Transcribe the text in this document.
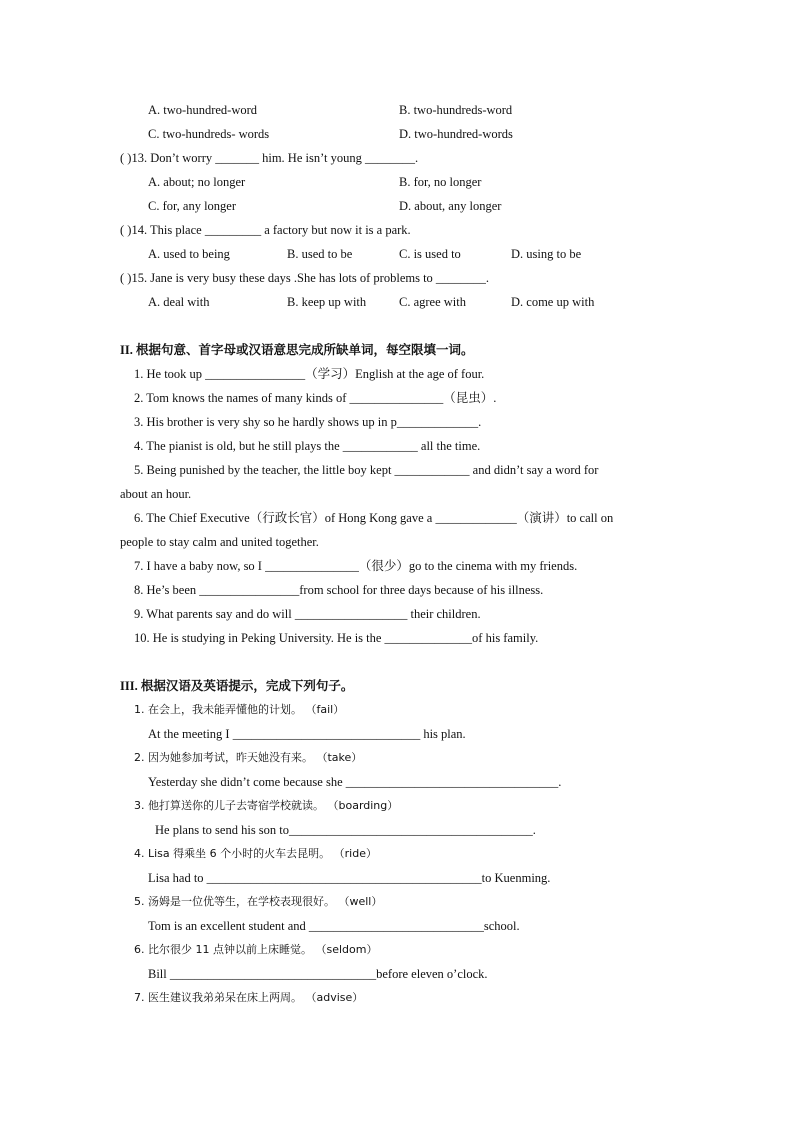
A. two-hundred-word	B. two-hundreds-word
C. two-hundreds- words	D. two-hundred-words
( )13. Don’t worry _______ him. He isn’t young ________.
A. about; no longer	B. for, no longer
C. for, any longer	D. about, any longer
( )14. This place _________ a factory but now it is a park.
A. used to being	B. used to be	C. is used to	D. using to be
( )15. Jane is very busy these days .She has lots of problems to ________.
A. deal with	B. keep up with	C. agree with	D. come up with
II. 根据句意、首字母或汉语意思完成所缺单词，每空限填一词。
1. He took up ________________（学习）English at the age of four.
2. Tom knows the names of many kinds of _______________（昆虫）.
3. His brother is very shy so he hardly shows up in p_____________.
4. The pianist is old, but he still plays the ____________ all the time.
5. Being punished by the teacher, the little boy kept ____________ and didn’t say a word for
about an hour.
6. The Chief Executive（行政长官）of Hong Kong gave a _____________（演讲）to call on
people to stay calm and united together.
7. I have a baby now, so I _______________（很少）go to the cinema with my friends.
8. He’s been ________________from school for three days because of his illness.
9. What parents say and do will __________________ their children.
10. He is studying in Peking University. He is the ______________of his family.
III. 根据汉语及英语提示，完成下列句子。
1. 在会上，我未能弄懂他的计划。 （fail）
At the meeting I ______________________________ his plan.
2. 因为她参加考试，昨天她没有来。 （take）
Yesterday she didn’t come because she __________________________________.
3. 他打算送你的儿子去寄宿学校就读。 （boarding）
He plans to send his son to_______________________________________.
4. Lisa 得乘坐 6 个小时的火车去昆明。 （ride）
Lisa had to ____________________________________________to Kuenming.
5. 汤姆是一位优等生，在学校表现很好。 （well）
Tom is an excellent student and ____________________________school.
6. 比尔很少 11 点钟以前上床睡觉。 （seldom）
Bill _________________________________before eleven o’clock.
7. 医生建议我弟弟呆在床上两周。 （advise）
